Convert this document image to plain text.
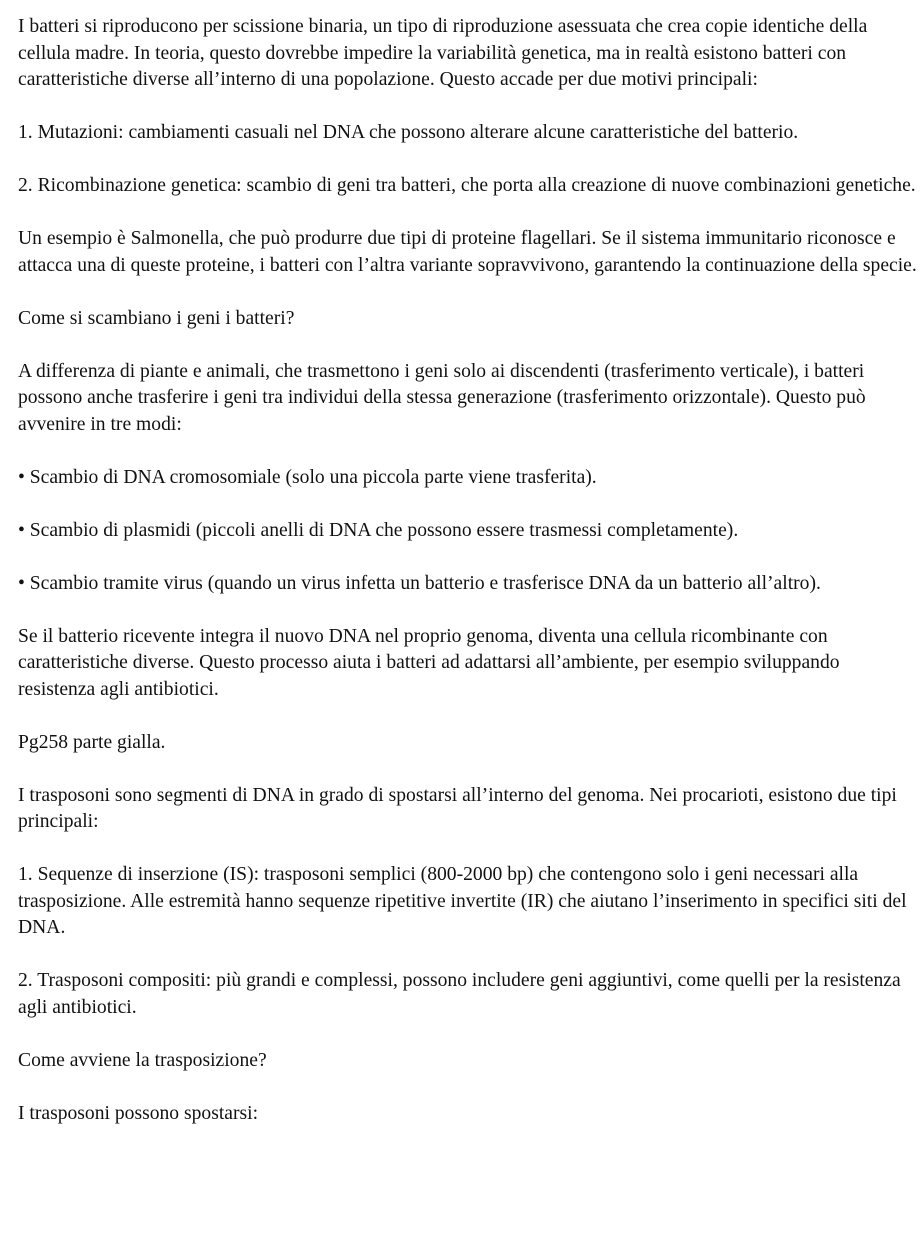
I batteri si riproducono per scissione binaria, un tipo di riproduzione asessuata che crea copie identiche della cellula madre. In teoria, questo dovrebbe impedire la variabilità genetica, ma in realtà esistono batteri con caratteristiche diverse all’interno di una popolazione. Questo accade per due motivi principali:

1. Mutazioni: cambiamenti casuali nel DNA che possono alterare alcune caratteristiche del batterio.

2. Ricombinazione genetica: scambio di geni tra batteri, che porta alla creazione di nuove combinazioni genetiche.

Un esempio è Salmonella, che può produrre due tipi di proteine flagellari. Se il sistema immunitario riconosce e attacca una di queste proteine, i batteri con l’altra variante sopravvivono, garantendo la continuazione della specie.

Come si scambiano i geni i batteri?

A differenza di piante e animali, che trasmettono i geni solo ai discendenti (trasferimento verticale), i batteri possono anche trasferire i geni tra individui della stessa generazione (trasferimento orizzontale). Questo può avvenire in tre modi:

• Scambio di DNA cromosomiale (solo una piccola parte viene trasferita).

• Scambio di plasmidi (piccoli anelli di DNA che possono essere trasmessi completamente).

• Scambio tramite virus (quando un virus infetta un batterio e trasferisce DNA da un batterio all’altro).

Se il batterio ricevente integra il nuovo DNA nel proprio genoma, diventa una cellula ricombinante con caratteristiche diverse. Questo processo aiuta i batteri ad adattarsi all’ambiente, per esempio sviluppando resistenza agli antibiotici.

Pg258 parte gialla.

I trasposoni sono segmenti di DNA in grado di spostarsi all’interno del genoma. Nei procarioti, esistono due tipi principali:

1. Sequenze di inserzione (IS): trasposoni semplici (800-2000 bp) che contengono solo i geni necessari alla trasposizione. Alle estremità hanno sequenze ripetitive invertite (IR) che aiutano l’inserimento in specifici siti del DNA.

2. Trasposoni compositi: più grandi e complessi, possono includere geni aggiuntivi, come quelli per la resistenza agli antibiotici.

Come avviene la trasposizione?

I trasposoni possono spostarsi:
